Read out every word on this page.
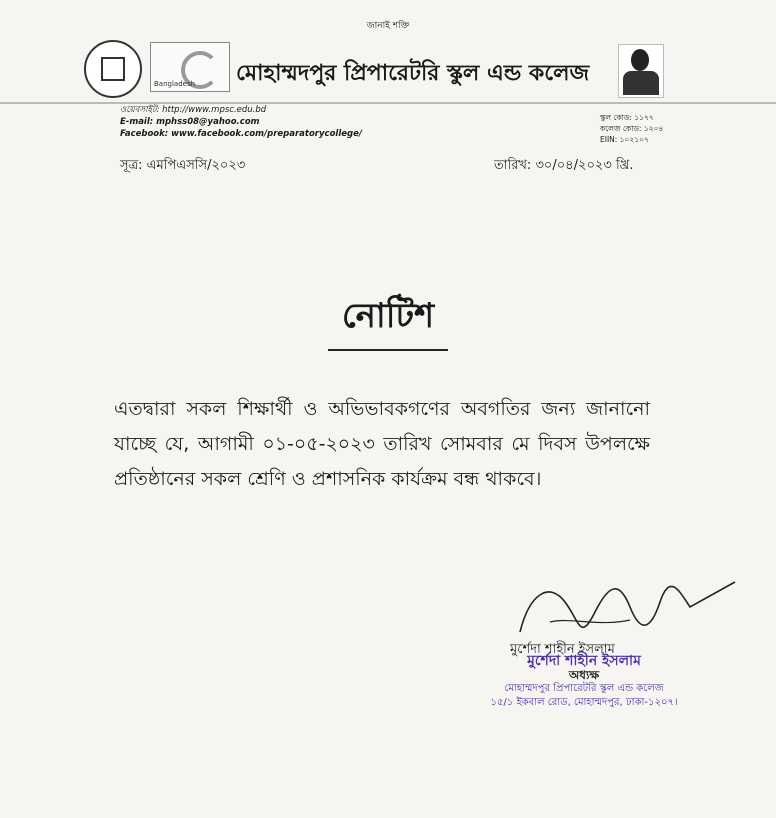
জানাই শক্তি
Bangladesh মোহাম্মদপুর প্রিপারেটরি স্কুল এন্ড কলেজ
ওয়েবসাইট: http://www.mpsc.edu.bd
E-mail: mphss08@yahoo.com
Facebook: www.facebook.com/preparatorycollege/
স্কুল কোড: ১১৭৭
কলেজ কোড: ১২০৪
EIIN: ১০২১০৭
সূত্র: এমপিএসসি/২০২৩	তারিখ: ৩০/০৪/২০২৩ খ্রি.
নোটিশ
এতদ্বারা সকল শিক্ষার্থী ও অভিভাবকগণের অবগতির জন্য জানানো যাচ্ছে যে, আগামী ০১-০৫-২০২৩ তারিখ সোমবার মে দিবস উপলক্ষে প্রতিষ্ঠানের সকল শ্রেণি ও প্রশাসনিক কার্যক্রম বন্ধ থাকবে।
মুর্শেদা শাহীন ইসলাম
মুর্শেদা শাহীন ইসলাম
অধ্যক্ষ
মোহাম্মদপুর প্রিপারেটরি স্কুল এন্ড কলেজ
১৫/১ ইকবাল রোড, মোহাম্মদপুর, ঢাকা-১২০৭।
